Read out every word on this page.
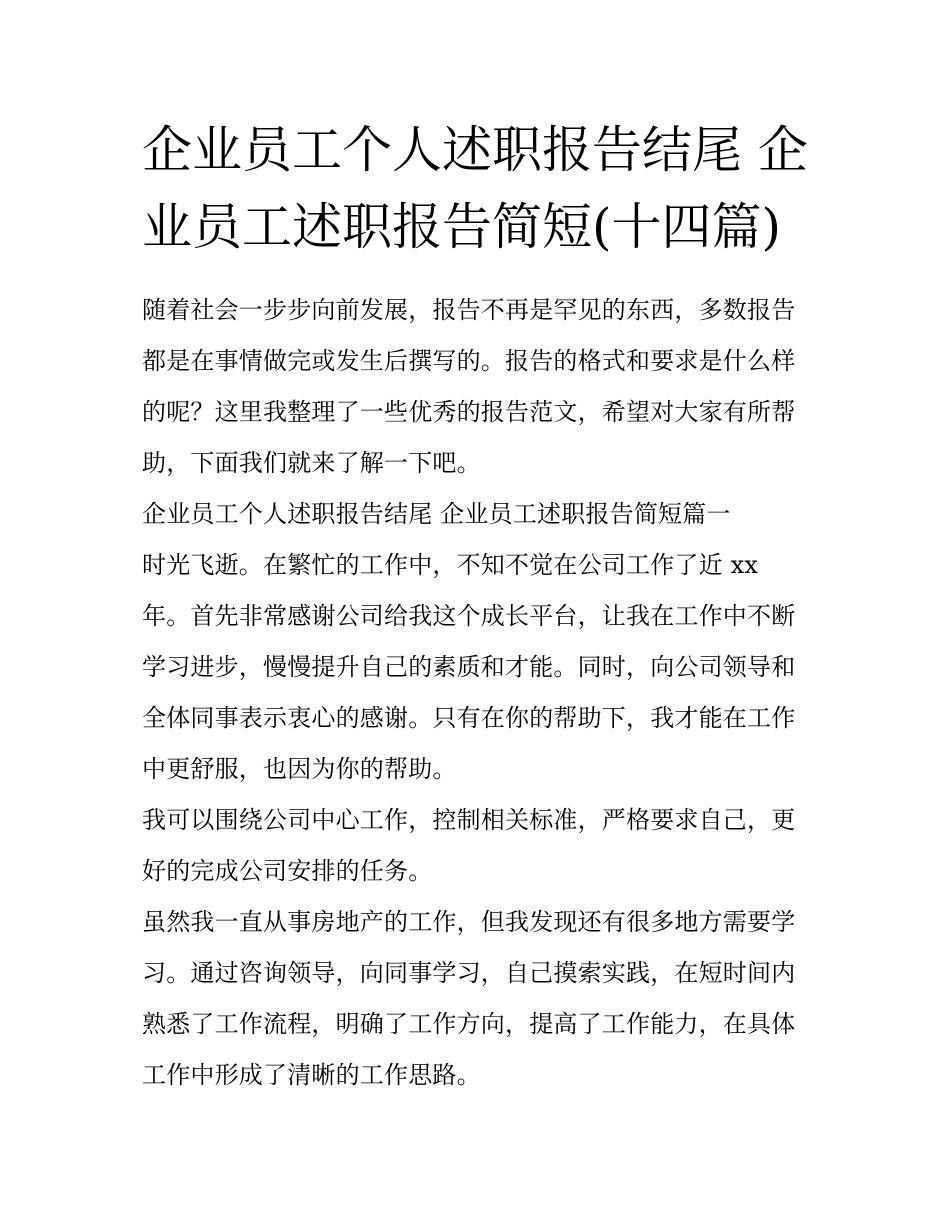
企业员工个人述职报告结尾 企业员工述职报告简短(十四篇)

随着社会一步步向前发展，报告不再是罕见的东西，多数报告都是在事情做完或发生后撰写的。报告的格式和要求是什么样的呢？这里我整理了一些优秀的报告范文，希望对大家有所帮助，下面我们就来了解一下吧。

企业员工个人述职报告结尾 企业员工述职报告简短篇一

时光飞逝。在繁忙的工作中，不知不觉在公司工作了近 xx

年。首先非常感谢公司给我这个成长平台，让我在工作中不断学习进步，慢慢提升自己的素质和才能。同时，向公司领导和全体同事表示衷心的感谢。只有在你的帮助下，我才能在工作中更舒服，也因为你的帮助。

我可以围绕公司中心工作，控制相关标准，严格要求自己，更好的完成公司安排的任务。

虽然我一直从事房地产的工作，但我发现还有很多地方需要学习。通过咨询领导，向同事学习，自己摸索实践，在短时间内熟悉了工作流程，明确了工作方向，提高了工作能力，在具体工作中形成了清晰的工作思路。
